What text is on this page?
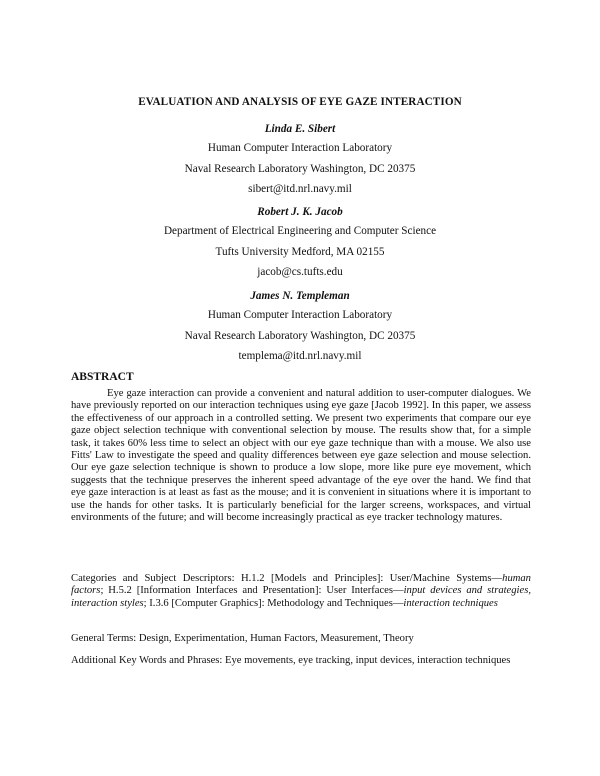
EVALUATION AND ANALYSIS OF EYE GAZE INTERACTION
Linda E. Sibert
Human Computer Interaction Laboratory
Naval Research Laboratory Washington, DC 20375
sibert@itd.nrl.navy.mil
Robert J. K. Jacob
Department of Electrical Engineering and Computer Science
Tufts University Medford, MA 02155
jacob@cs.tufts.edu
James N. Templeman
Human Computer Interaction Laboratory
Naval Research Laboratory Washington, DC 20375
templema@itd.nrl.navy.mil
ABSTRACT
Eye gaze interaction can provide a convenient and natural addition to user-computer dialogues. We have previously reported on our interaction techniques using eye gaze [Jacob 1992]. In this paper, we assess the effectiveness of our approach in a controlled setting. We present two experiments that compare our eye gaze object selection technique with conventional selection by mouse. The results show that, for a simple task, it takes 60% less time to select an object with our eye gaze technique than with a mouse. We also use Fitts' Law to investigate the speed and quality differences between eye gaze selection and mouse selection. Our eye gaze selection technique is shown to produce a low slope, more like pure eye movement, which suggests that the technique preserves the inherent speed advantage of the eye over the hand. We find that eye gaze interaction is at least as fast as the mouse; and it is convenient in situations where it is important to use the hands for other tasks. It is particularly beneficial for the larger screens, workspaces, and virtual environments of the future; and will become increasingly practical as eye tracker technology matures.
Categories and Subject Descriptors: H.1.2 [Models and Principles]: User/Machine Systems—human factors; H.5.2 [Information Interfaces and Presentation]: User Interfaces—input devices and strategies, interaction styles; I.3.6 [Computer Graphics]: Methodology and Techniques—interaction techniques
General Terms: Design, Experimentation, Human Factors, Measurement, Theory
Additional Key Words and Phrases: Eye movements, eye tracking, input devices, interaction techniques
